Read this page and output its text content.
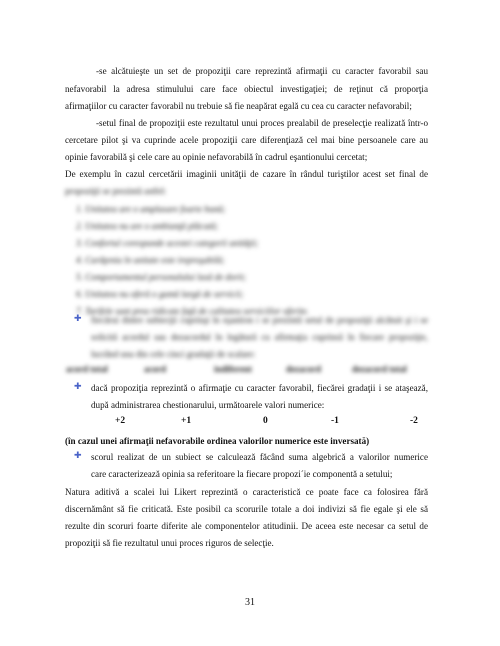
-se alcătuieşte un set de propoziţii care reprezintă afirmaţii cu caracter favorabil sau
nefavorabil la adresa stimulului care face obiectul investigaţiei; de reţinut că proporţia
afirmaţiilor cu caracter favorabil nu trebuie să fie neapărat egală cu cea cu caracter nefavorabil;
-setul final de propoziţii este rezultatul unui proces prealabil de preselecţie realizată într-o
cercetare pilot şi va cuprinde acele propoziţii care diferenţiază cel mai bine persoanele care au
opinie favorabilă şi cele care au opinie nefavorabilă în cadrul eşantionului cercetat;
De exemplu în cazul cercetării imaginii unităţii de cazare în rândul turiştilor acest set final de
propoziţii se prezintă astfel:
1. Unitatea are o amplasare foarte bună;
2. Unitatea nu are o ambianţă plăcută;
3. Confortul corespunde acestei categorii unităţii;
4. Curăţenia în unitate este ireproşabilă;
5. Comportamentul personalului lasă de dorit;
6. Unitatea nu oferă o gamă largă de servicii;
7. Tarifele sunt prea ridicate faţă de calitatea serviciilor oferite.
✚ fiecărui dintre subiecţii cuprinşi în eşantion i se prezintă setul de propoziţii alcătuit şi i se
solicită acordul sau dezacordul în legătură cu afirmaţia cuprinsă în fiecare propoziţie,
lucrând una din cele cinci gradaţii de scalare:
acord total	acord	indiferent	dezacord	dezacord total
✚ dacă propoziţia reprezintă o afirmaţie cu caracter favorabil, fiecărei gradaţii i se ataşează,
după administrarea chestionarului, următoarele valori numerice:
+2	+1	0	-1	-2
(în cazul unei afirmaţii nefavorabile ordinea valorilor numerice este inversată)
✚ scorul realizat de un subiect se calculează făcând suma algebrică a valorilor numerice
care caracterizează opinia sa referitoare la fiecare propozi´ie componentă a setului;
Natura aditivă a scalei lui Likert reprezintă o caracteristică ce poate face ca folosirea fără
discernământ să fie criticată. Este posibil ca scorurile totale a doi indivizi să fie egale şi ele să
rezulte din scoruri foarte diferite ale componentelor atitudinii. De aceea este necesar ca setul de
propoziţii să fie rezultatul unui proces riguros de selecţie.
31
